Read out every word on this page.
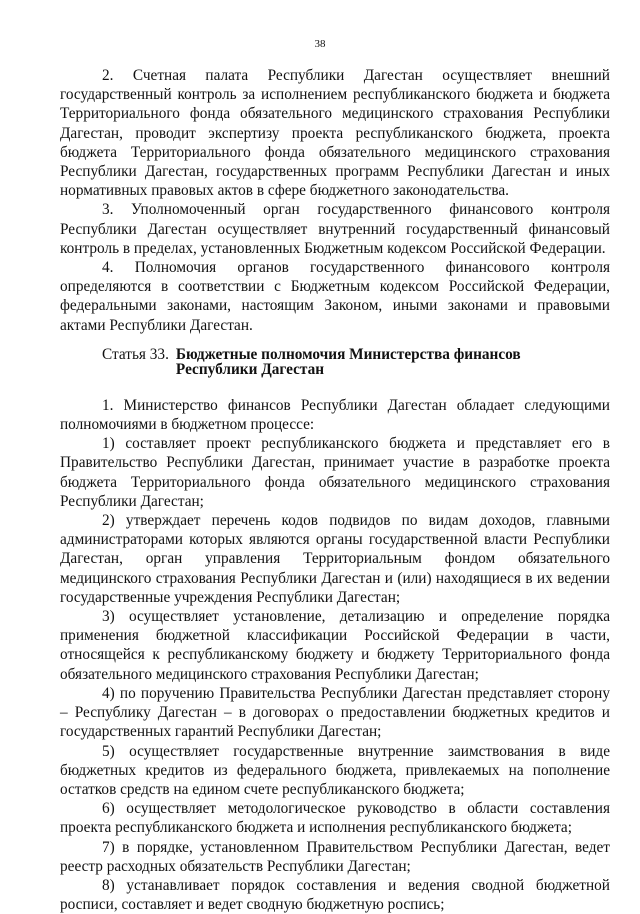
38

2. Счетная палата Республики Дагестан осуществляет внешний государственный контроль за исполнением республиканского бюджета и бюджета Территориального фонда обязательного медицинского страхования Республики Дагестан, проводит экспертизу проекта республиканского бюджета, проекта бюджета Территориального фонда обязательного медицинского страхования Республики Дагестан, государственных программ Республики Дагестан и иных нормативных правовых актов в сфере бюджетного законодательства.

3. Уполномоченный орган государственного финансового контроля Республики Дагестан осуществляет внутренний государственный финансовый контроль в пределах, установленных Бюджетным кодексом Российской Федерации.

4. Полномочия органов государственного финансового контроля определяются в соответствии с Бюджетным кодексом Российской Федерации, федеральными законами, настоящим Законом, иными законами и правовыми актами Республики Дагестан.

Статья 33. Бюджетные полномочия Министерства финансов
Республики Дагестан

1. Министерство финансов Республики Дагестан обладает следующими полномочиями в бюджетном процессе:

1) составляет проект республиканского бюджета и представляет его в Правительство Республики Дагестан, принимает участие в разработке проекта бюджета Территориального фонда обязательного медицинского страхования Республики Дагестан;

2) утверждает перечень кодов подвидов по видам доходов, главными администраторами которых являются органы государственной власти Республики Дагестан, орган управления Территориальным фондом обязательного медицинского страхования Республики Дагестан и (или) находящиеся в их ведении государственные учреждения Республики Дагестан;

3) осуществляет установление, детализацию и определение порядка применения бюджетной классификации Российской Федерации в части, относящейся к республиканскому бюджету и бюджету Территориального фонда обязательного медицинского страхования Республики Дагестан;

4) по поручению Правительства Республики Дагестан представляет сторону – Республику Дагестан – в договорах о предоставлении бюджетных кредитов и государственных гарантий Республики Дагестан;

5) осуществляет государственные внутренние заимствования в виде бюджетных кредитов из федерального бюджета, привлекаемых на пополнение остатков средств на едином счете республиканского бюджета;

6) осуществляет методологическое руководство в области составления проекта республиканского бюджета и исполнения республиканского бюджета;

7) в порядке, установленном Правительством Республики Дагестан, ведет реестр расходных обязательств Республики Дагестан;

8) устанавливает порядок составления и ведения сводной бюджетной росписи, составляет и ведет сводную бюджетную роспись;
